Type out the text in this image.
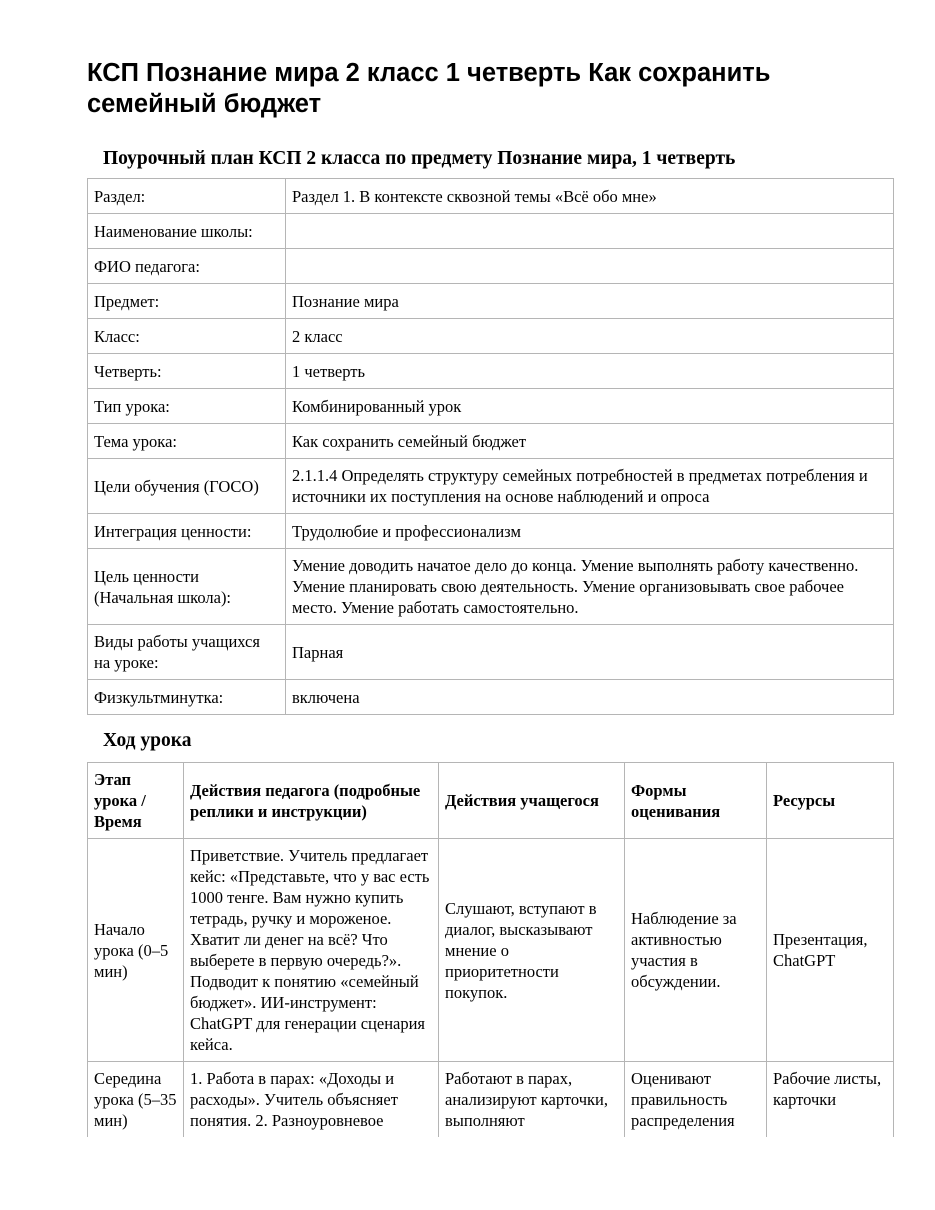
КСП Познание мира 2 класс 1 четверть Как сохранить семейный бюджет
Поурочный план КСП 2 класса по предмету Познание мира, 1 четверть
Раздел:	Раздел 1. В контексте сквозной темы «Всё обо мне»
Наименование школы:	
ФИО педагога:	
Предмет:	Познание мира
Класс:	2 класс
Четверть:	1 четверть
Тип урока:	Комбинированный урок
Тема урока:	Как сохранить семейный бюджет
Цели обучения (ГОСО)	2.1.1.4 Определять структуру семейных потребностей в предметах потребления и источники их поступления на основе наблюдений и опроса
Интеграция ценности:	Трудолюбие и профессионализм
Цель ценности (Начальная школа):	Умение доводить начатое дело до конца. Умение выполнять работу качественно. Умение планировать свою деятельность. Умение организовывать свое рабочее место. Умение работать самостоятельно.
Виды работы учащихся на уроке:	Парная
Физкультминутка:	включена
Ход урока
Этап урока / Время	Действия педагога (подробные реплики и инструкции)	Действия учащегося	Формы оценивания	Ресурсы
Начало урока (0–5 мин)	Приветствие. Учитель предлагает кейс: «Представьте, что у вас есть 1000 тенге. Вам нужно купить тетрадь, ручку и мороженое. Хватит ли денег на всё? Что выберете в первую очередь?». Подводит к понятию «семейный бюджет». ИИ-инструмент: ChatGPT для генерации сценария кейса.	Слушают, вступают в диалог, высказывают мнение о приоритетности покупок.	Наблюдение за активностью участия в обсуждении.	Презентация, ChatGPT

Середина урока (5–35 мин)	1. Работа в парах: «Доходы и расходы». Учитель объясняет понятия. 2. Разноуровневое	Работают в парах, анализируют карточки, выполняют	Оценивают правильность распределения	Рабочие листы, карточки
